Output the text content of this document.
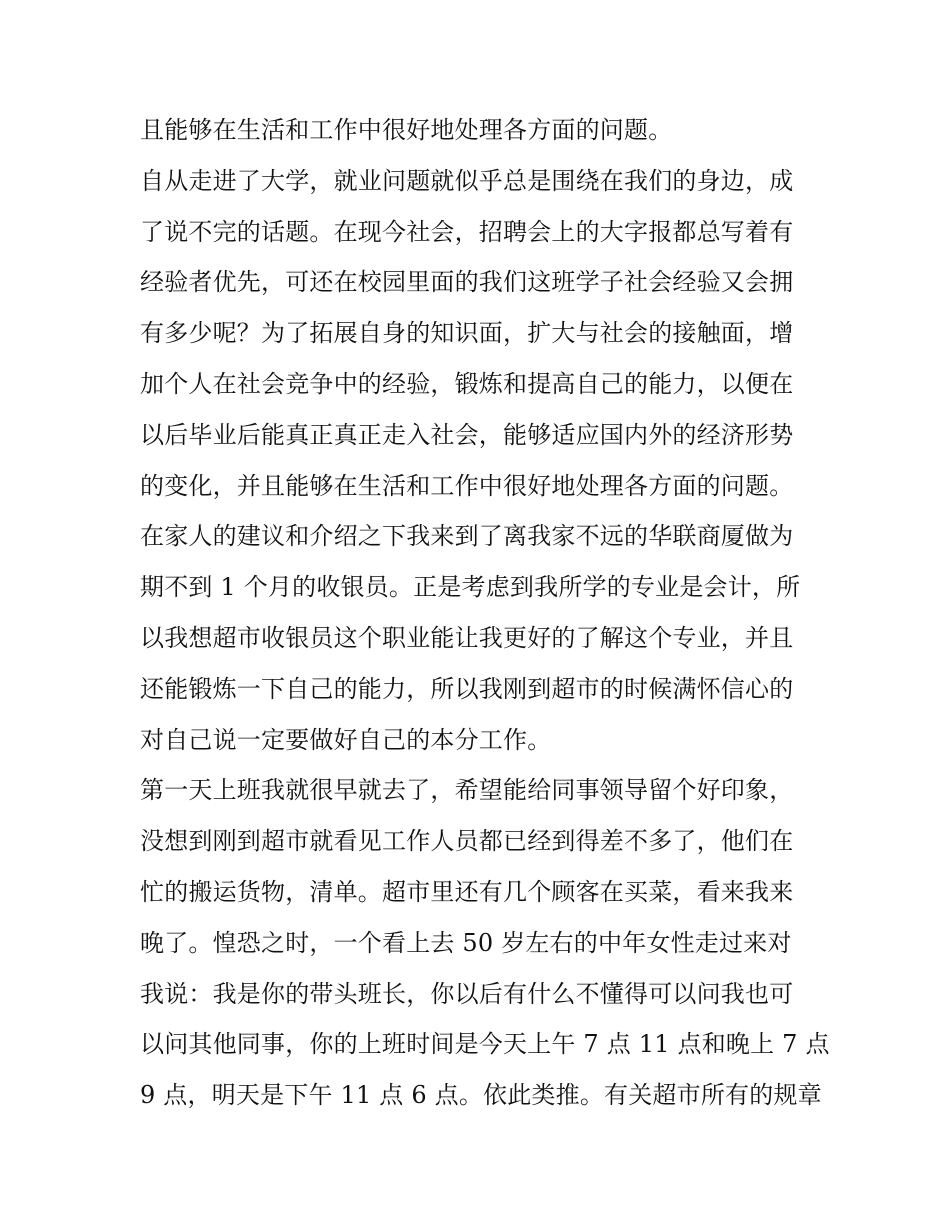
且能够在生活和工作中很好地处理各方面的问题。
自从走进了大学，就业问题就似乎总是围绕在我们的身边，成
了说不完的话题。在现今社会，招聘会上的大字报都总写着有
经验者优先，可还在校园里面的我们这班学子社会经验又会拥
有多少呢？为了拓展自身的知识面，扩大与社会的接触面，增
加个人在社会竞争中的经验，锻炼和提高自己的能力，以便在
以后毕业后能真正真正走入社会，能够适应国内外的经济形势
的变化，并且能够在生活和工作中很好地处理各方面的问题。
在家人的建议和介绍之下我来到了离我家不远的华联商厦做为
期不到 1 个月的收银员。正是考虑到我所学的专业是会计，所
以我想超市收银员这个职业能让我更好的了解这个专业，并且
还能锻炼一下自己的能力，所以我刚到超市的时候满怀信心的
对自己说一定要做好自己的本分工作。
第一天上班我就很早就去了，希望能给同事领导留个好印象，
没想到刚到超市就看见工作人员都已经到得差不多了，他们在
忙的搬运货物，清单。超市里还有几个顾客在买菜，看来我来
晚了。惶恐之时，一个看上去 50 岁左右的中年女性走过来对
我说：我是你的带头班长，你以后有什么不懂得可以问我也可
以问其他同事，你的上班时间是今天上午 7 点 11 点和晚上 7 点
9 点，明天是下午 11 点 6 点。依此类推。有关超市所有的规章
